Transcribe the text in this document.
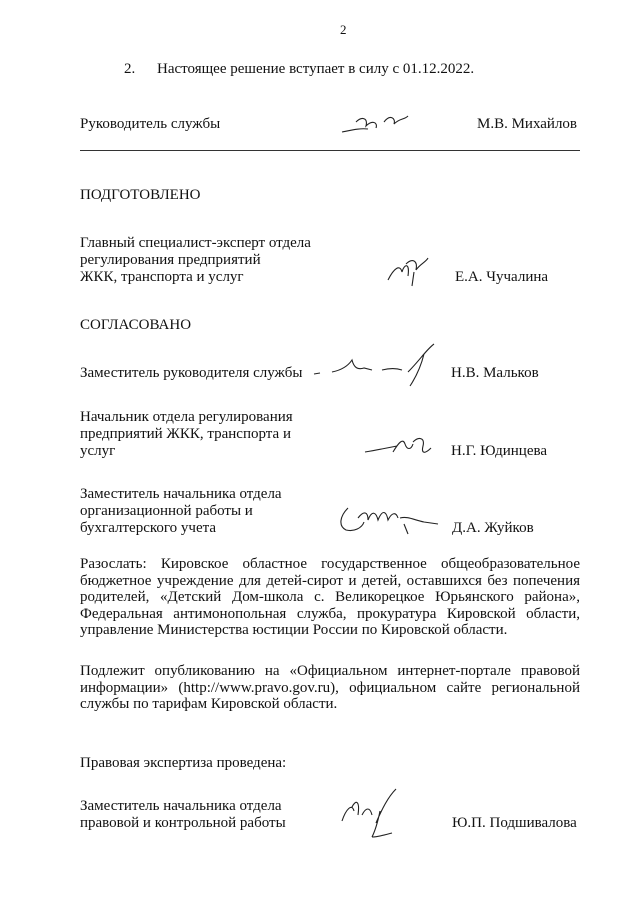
2
2. Настоящее решение вступает в силу с 01.12.2022.
Руководитель службы	М.В. Михайлов
ПОДГОТОВЛЕНО
Главный специалист-эксперт отдела
регулирования предприятий
ЖКК, транспорта и услуг	Е.А. Чучалина
СОГЛАСОВАНО
Заместитель руководителя службы	Н.В. Мальков
Начальник отдела регулирования
предприятий ЖКК, транспорта и
услуг	Н.Г. Юдинцева
Заместитель начальника отдела
организационной работы и
бухгалтерского учета	Д.А. Жуйков
Разослать: Кировское областное государственное общеобразовательное бюджетное учреждение для детей-сирот и детей, оставшихся без попечения родителей, «Детский Дом-школа с. Великорецкое Юрьянского района», Федеральная антимонопольная служба, прокуратура Кировской области, управление Министерства юстиции России по Кировской области.
Подлежит опубликованию на «Официальном интернет-портале правовой информации» (http://www.pravo.gov.ru), официальном сайте региональной службы по тарифам Кировской области.
Правовая экспертиза проведена:
Заместитель начальника отдела
правовой и контрольной работы	Ю.П. Подшивалова
